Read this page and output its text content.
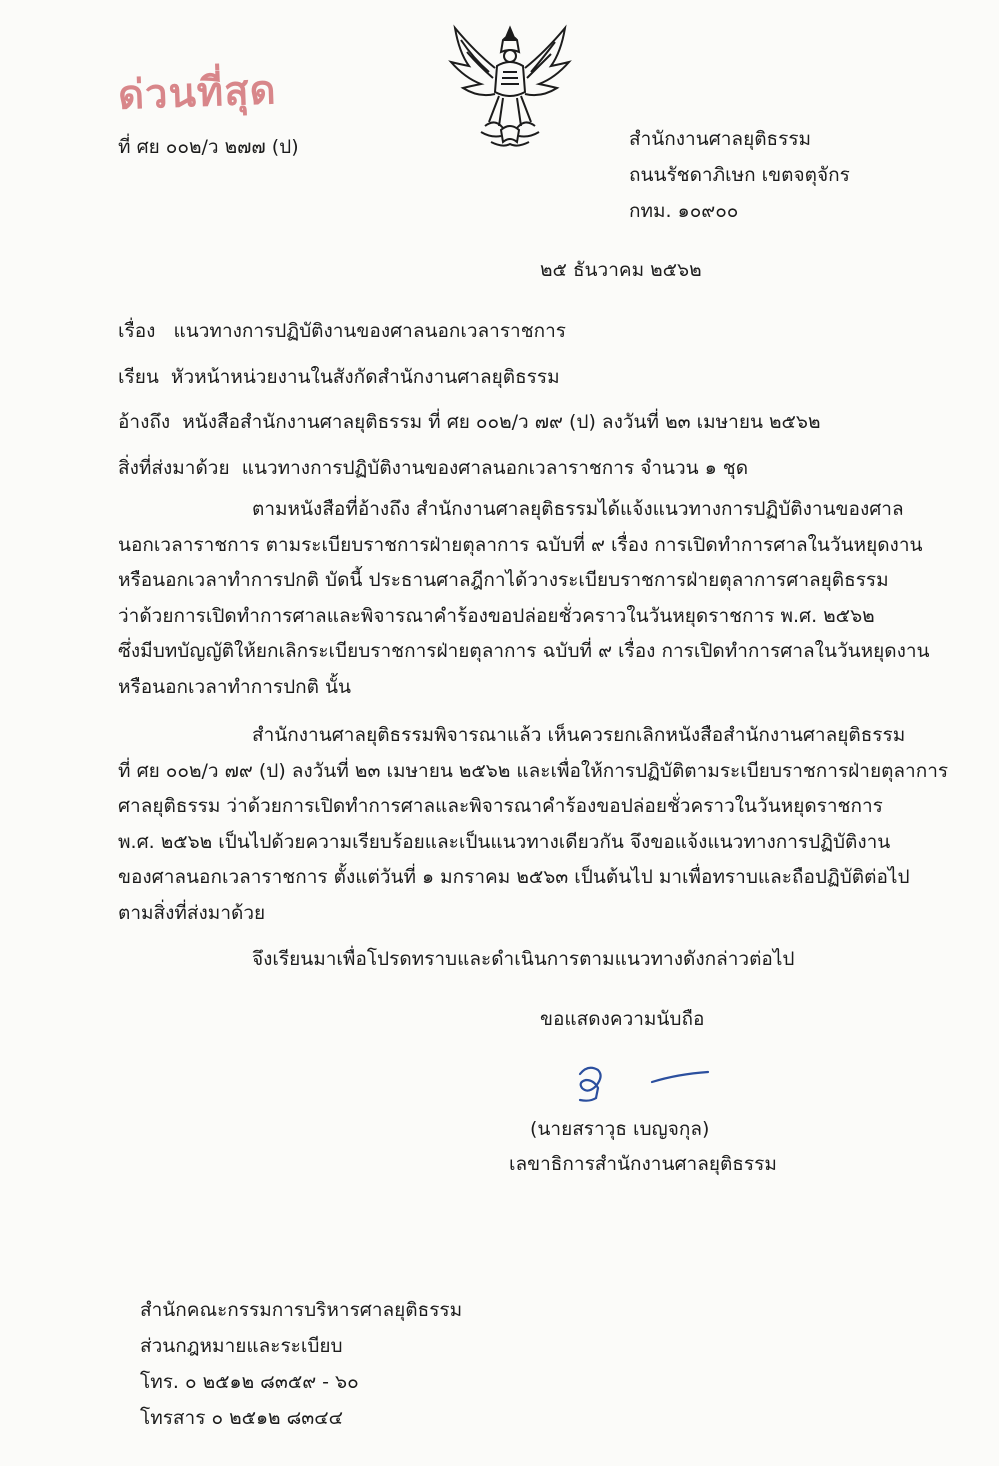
ด่วนที่สุด
ที่ ศย ๐๐๒/ว ๒๗๗ (ป)	สำนักงานศาลยุติธรรม
ถนนรัชดาภิเษก เขตจตุจักร
กทม. ๑๐๙๐๐
๒๕ ธันวาคม ๒๕๖๒
เรื่อง แนวทางการปฏิบัติงานของศาลนอกเวลาราชการ
เรียน หัวหน้าหน่วยงานในสังกัดสำนักงานศาลยุติธรรม
อ้างถึง หนังสือสำนักงานศาลยุติธรรม ที่ ศย ๐๐๒/ว ๗๙ (ป) ลงวันที่ ๒๓ เมษายน ๒๕๖๒
สิ่งที่ส่งมาด้วย แนวทางการปฏิบัติงานของศาลนอกเวลาราชการ จำนวน ๑ ชุด
ตามหนังสือที่อ้างถึง สำนักงานศาลยุติธรรมได้แจ้งแนวทางการปฏิบัติงานของศาล
นอกเวลาราชการ ตามระเบียบราชการฝ่ายตุลาการ ฉบับที่ ๙ เรื่อง การเปิดทำการศาลในวันหยุดงาน
หรือนอกเวลาทำการปกติ บัดนี้ ประธานศาลฎีกาได้วางระเบียบราชการฝ่ายตุลาการศาลยุติธรรม
ว่าด้วยการเปิดทำการศาลและพิจารณาคำร้องขอปล่อยชั่วคราวในวันหยุดราชการ พ.ศ. ๒๕๖๒
ซึ่งมีบทบัญญัติให้ยกเลิกระเบียบราชการฝ่ายตุลาการ ฉบับที่ ๙ เรื่อง การเปิดทำการศาลในวันหยุดงาน
หรือนอกเวลาทำการปกติ นั้น
สำนักงานศาลยุติธรรมพิจารณาแล้ว เห็นควรยกเลิกหนังสือสำนักงานศาลยุติธรรม
ที่ ศย ๐๐๒/ว ๗๙ (ป) ลงวันที่ ๒๓ เมษายน ๒๕๖๒ และเพื่อให้การปฏิบัติตามระเบียบราชการฝ่ายตุลาการ
ศาลยุติธรรม ว่าด้วยการเปิดทำการศาลและพิจารณาคำร้องขอปล่อยชั่วคราวในวันหยุดราชการ
พ.ศ. ๒๕๖๒ เป็นไปด้วยความเรียบร้อยและเป็นแนวทางเดียวกัน จึงขอแจ้งแนวทางการปฏิบัติงาน
ของศาลนอกเวลาราชการ ตั้งแต่วันที่ ๑ มกราคม ๒๕๖๓ เป็นต้นไป มาเพื่อทราบและถือปฏิบัติต่อไป
ตามสิ่งที่ส่งมาด้วย
จึงเรียนมาเพื่อโปรดทราบและดำเนินการตามแนวทางดังกล่าวต่อไป
ขอแสดงความนับถือ
(นายสราวุธ เบญจกุล)
เลขาธิการสำนักงานศาลยุติธรรม
สำนักคณะกรรมการบริหารศาลยุติธรรม
ส่วนกฎหมายและระเบียบ
โทร. ๐ ๒๕๑๒ ๘๓๕๙ - ๖๐
โทรสาร ๐ ๒๕๑๒ ๘๓๔๔
